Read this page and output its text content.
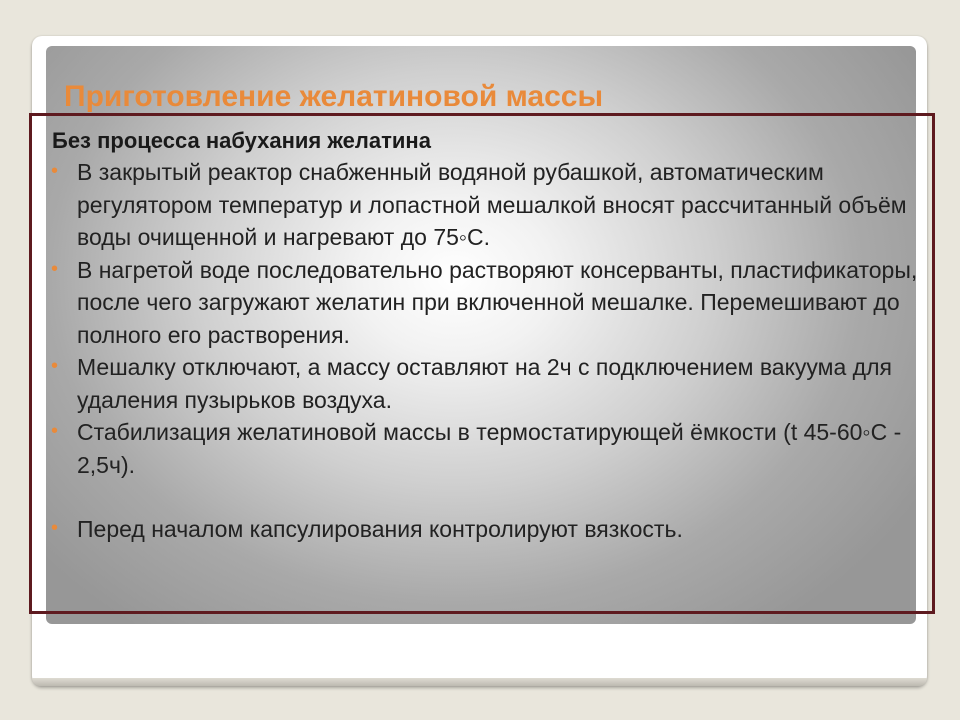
Приготовление желатиновой массы
Без процесса набухания желатина
• В закрытый реактор снабженный водяной рубашкой, автоматическим регулятором температур и лопастной мешалкой вносят рассчитанный объём воды очищенной и нагревают до 75◦С.
• В нагретой воде последовательно растворяют консерванты, пластификаторы, после чего загружают желатин при включенной мешалке. Перемешивают до полного его растворения.
• Мешалку отключают, а массу оставляют на 2ч с подключением вакуума для удаления пузырьков воздуха.
• Стабилизация желатиновой массы в термостатирующей ёмкости (t 45-60◦С - 2,5ч).
• Перед началом капсулирования контролируют вязкость.
